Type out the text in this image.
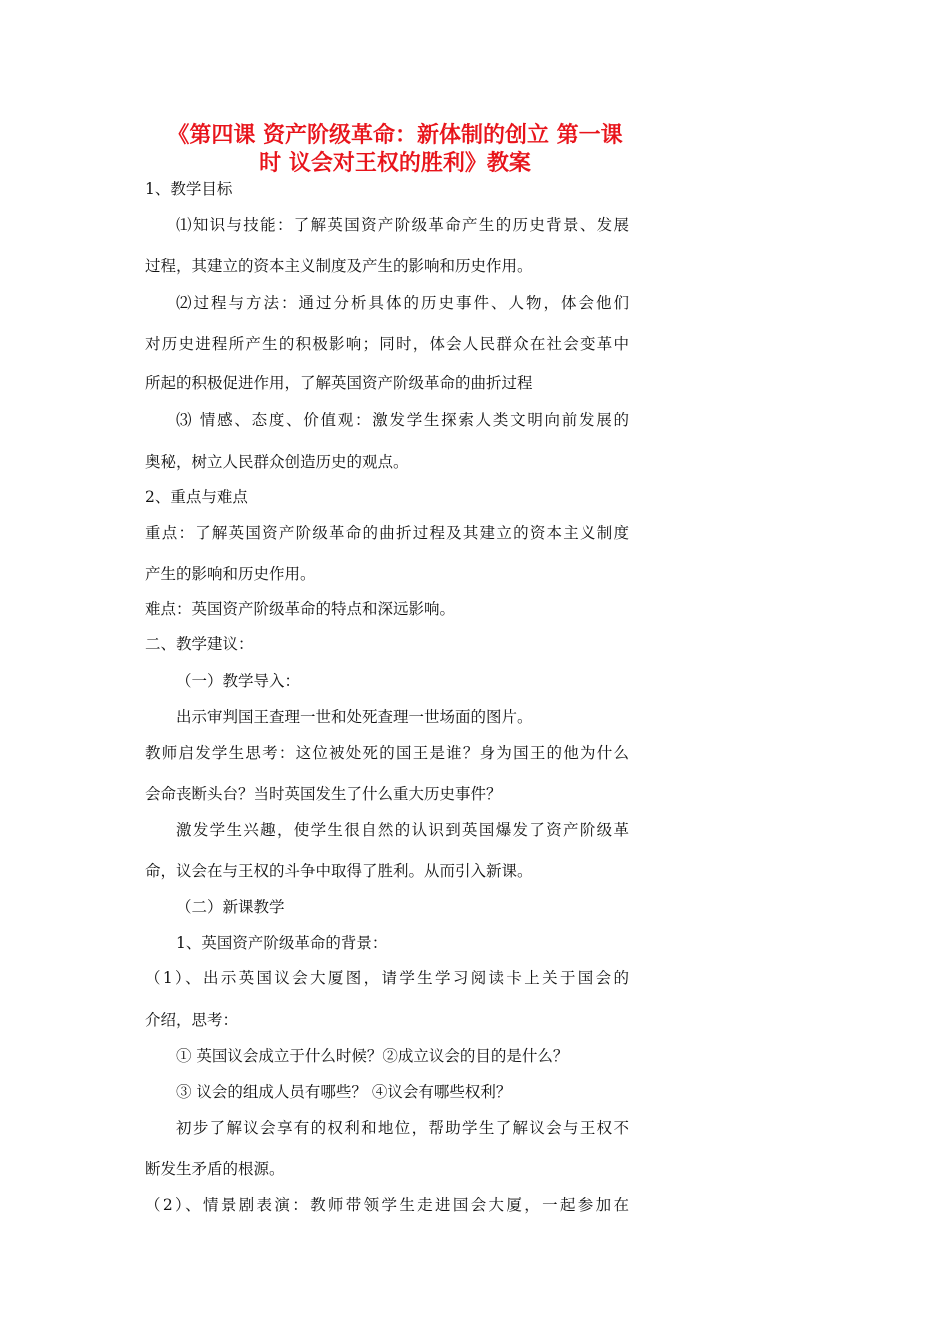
《第四课 资产阶级革命：新体制的创立 第一课
时 议会对王权的胜利》教案
1、教学目标
⑴知识与技能：了解英国资产阶级革命产生的历史背景、发展
过程，其建立的资本主义制度及产生的影响和历史作用。
⑵过程与方法：通过分析具体的历史事件、人物，体会他们
对历史进程所产生的积极影响；同时，体会人民群众在社会变革中
所起的积极促进作用，了解英国资产阶级革命的曲折过程
⑶ 情感、态度、价值观：激发学生探索人类文明向前发展的
奥秘，树立人民群众创造历史的观点。
2、重点与难点
重点：了解英国资产阶级革命的曲折过程及其建立的资本主义制度
产生的影响和历史作用。
难点：英国资产阶级革命的特点和深远影响。
二、教学建议：
（一）教学导入：
出示审判国王查理一世和处死查理一世场面的图片。
教师启发学生思考：这位被处死的国王是谁？身为国王的他为什么
会命丧断头台？当时英国发生了什么重大历史事件？
激发学生兴趣，使学生很自然的认识到英国爆发了资产阶级革
命，议会在与王权的斗争中取得了胜利。从而引入新课。
（二）新课教学
1、英国资产阶级革命的背景：
（1）、出示英国议会大厦图，请学生学习阅读卡上关于国会的
介绍，思考：
① 英国议会成立于什么时候？②成立议会的目的是什么？
③ 议会的组成人员有哪些？ ④议会有哪些权利？
初步了解议会享有的权利和地位，帮助学生了解议会与王权不
断发生矛盾的根源。
（2）、情景剧表演：教师带领学生走进国会大厦，一起参加在
